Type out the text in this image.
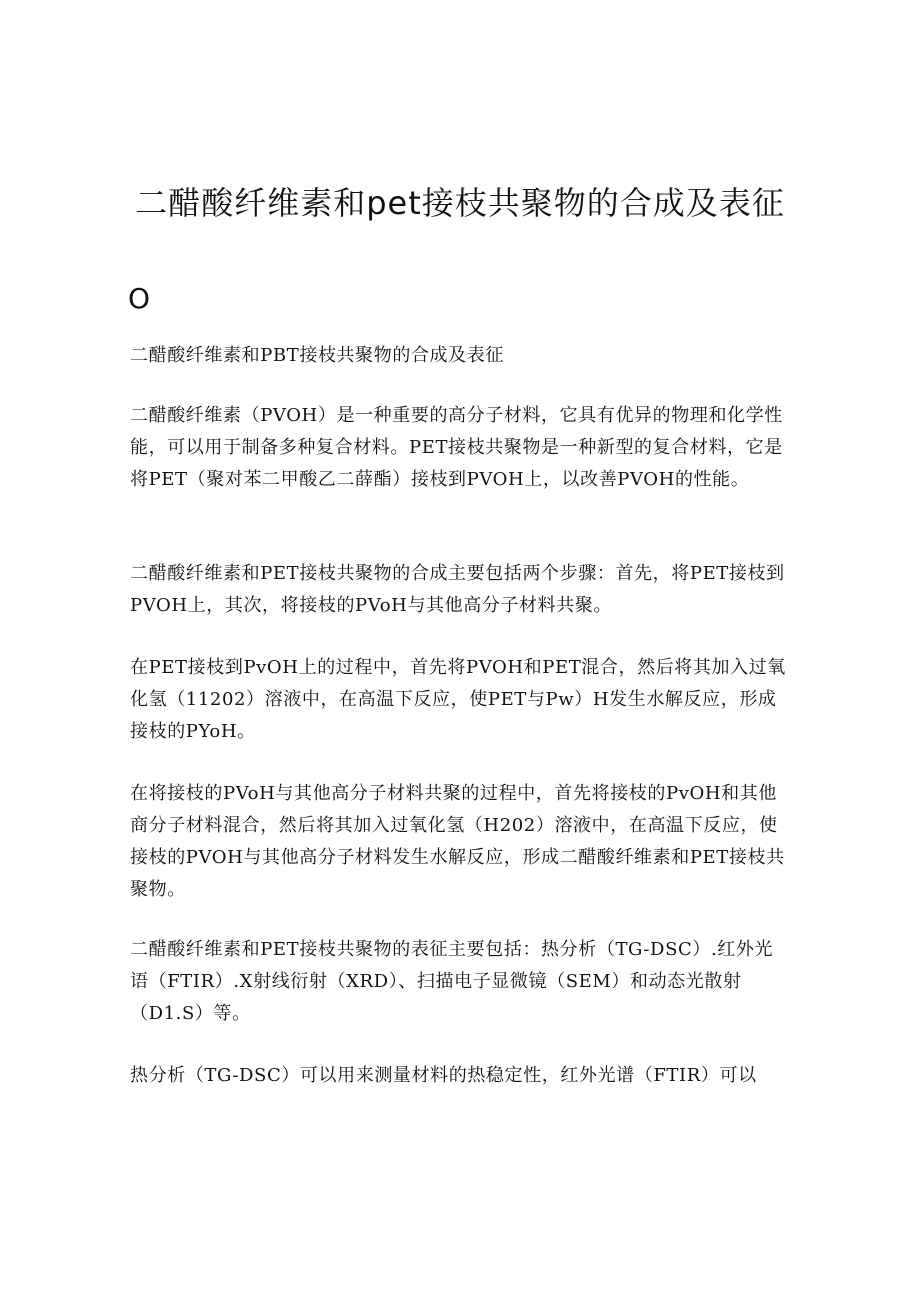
二醋酸纤维素和pet接枝共聚物的合成及表征
O

二醋酸纤维素和PBT接枝共聚物的合成及表征

二醋酸纤维素（PVOH）是一种重要的高分子材料，它具有优异的物理和化学性能，可以用于制备多种复合材料。PET接枝共聚物是一种新型的复合材料，它是将PET（聚对苯二甲酸乙二薛酯）接枝到PVOH上，以改善PVOH的性能。

二醋酸纤维素和PET接枝共聚物的合成主要包括两个步骤：首先，将PET接枝到PVOH上，其次，将接枝的PVoH与其他高分子材料共聚。

在PET接枝到PvOH上的过程中，首先将PVOH和PET混合，然后将其加入过氧化氢（11202）溶液中，在高温下反应，使PET与Pw）H发生水解反应，形成接枝的PYoH。

在将接枝的PVoH与其他高分子材料共聚的过程中，首先将接枝的PvOH和其他商分子材料混合，然后将其加入过氧化氢（H202）溶液中，在高温下反应，使接枝的PVOH与其他高分子材料发生水解反应，形成二醋酸纤维素和PET接枝共聚物。

二醋酸纤维素和PET接枝共聚物的表征主要包括：热分析（TG-DSC）.红外光语（FTIR）.X射线衍射（XRD）、扫描电子显微镜（SEM）和动态光散射（D1.S）等。

热分析（TG-DSC）可以用来测量材料的热稳定性，红外光谱（FTIR）可以
